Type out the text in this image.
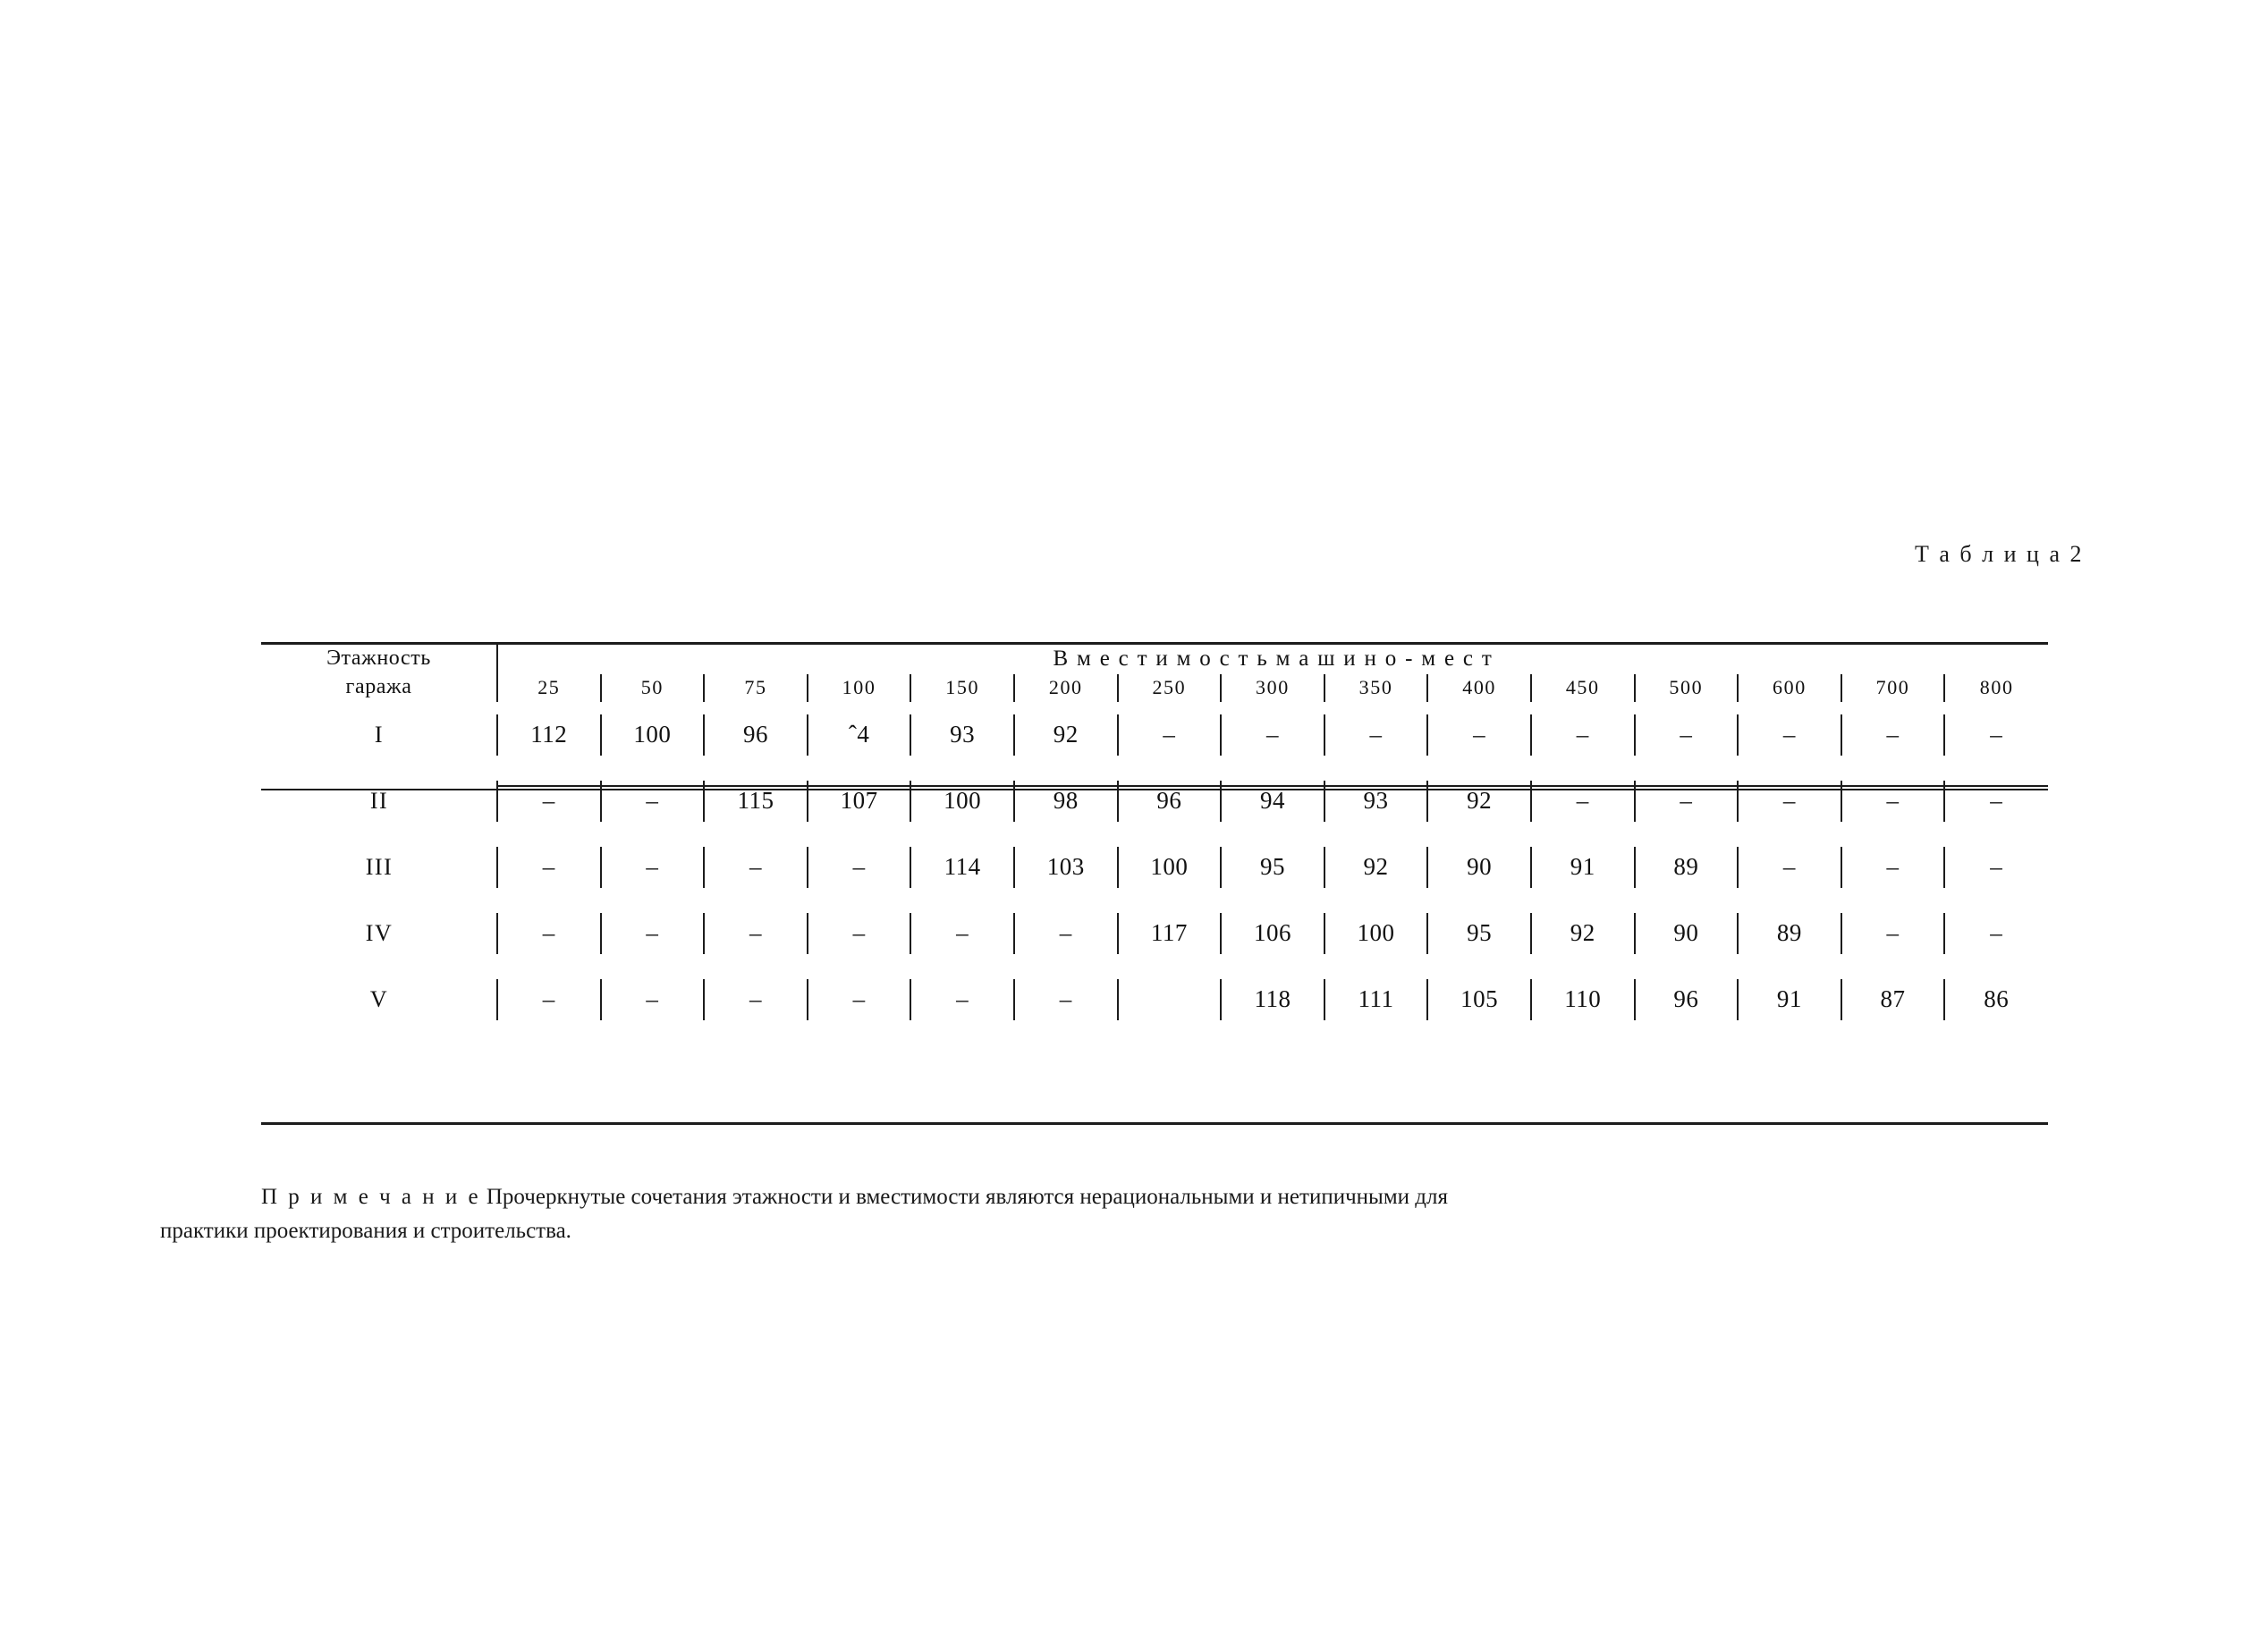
Т а б л и ц а 2
Этажность
гаража	В м е с т и м о с т ь м а ш и н о - м е с т														
	25	50	75	100	150	200	250	300	350	400	450	500	600	700	800
I	112	100	96	ˆ4	93	92	–	–	–	–	–	–	–	–	–
II	–	–	115	107	100	98	96	94	93	92	–	–	–	–	–
III	–	–	–	–	114	103	100	95	92	90	91	89	–	–	–
IV	–	–	–	–	–	–	117	106	100	95	92	90	89	–	–
V	–	–	–	–	–	–		118	111	105	110	96	91	87	86
П р и м е ч а н и е Прочеркнутые сочетания этажности и вместимости являются нерациональными и нетипичными для
практики проектирования и строительства.
